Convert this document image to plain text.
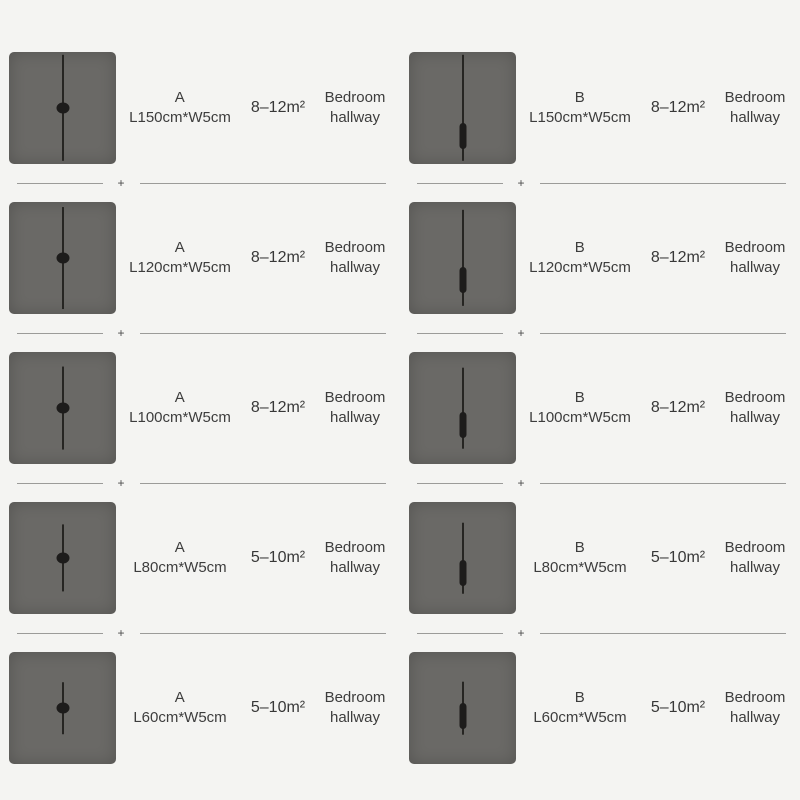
A
L150cm*W5cm
8–12m²
Bedroom
hallway
B
L150cm*W5cm
8–12m²
Bedroom
hallway
+	+
A
L120cm*W5cm
8–12m²
Bedroom
hallway
B
L120cm*W5cm
8–12m²
Bedroom
hallway
+	+
A
L100cm*W5cm
8–12m²
Bedroom
hallway
B
L100cm*W5cm
8–12m²
Bedroom
hallway
+	+
A
L80cm*W5cm
5–10m²
Bedroom
hallway
B
L80cm*W5cm
5–10m²
Bedroom
hallway
+	+
A
L60cm*W5cm
5–10m²
Bedroom
hallway
B
L60cm*W5cm
5–10m²
Bedroom
hallway
